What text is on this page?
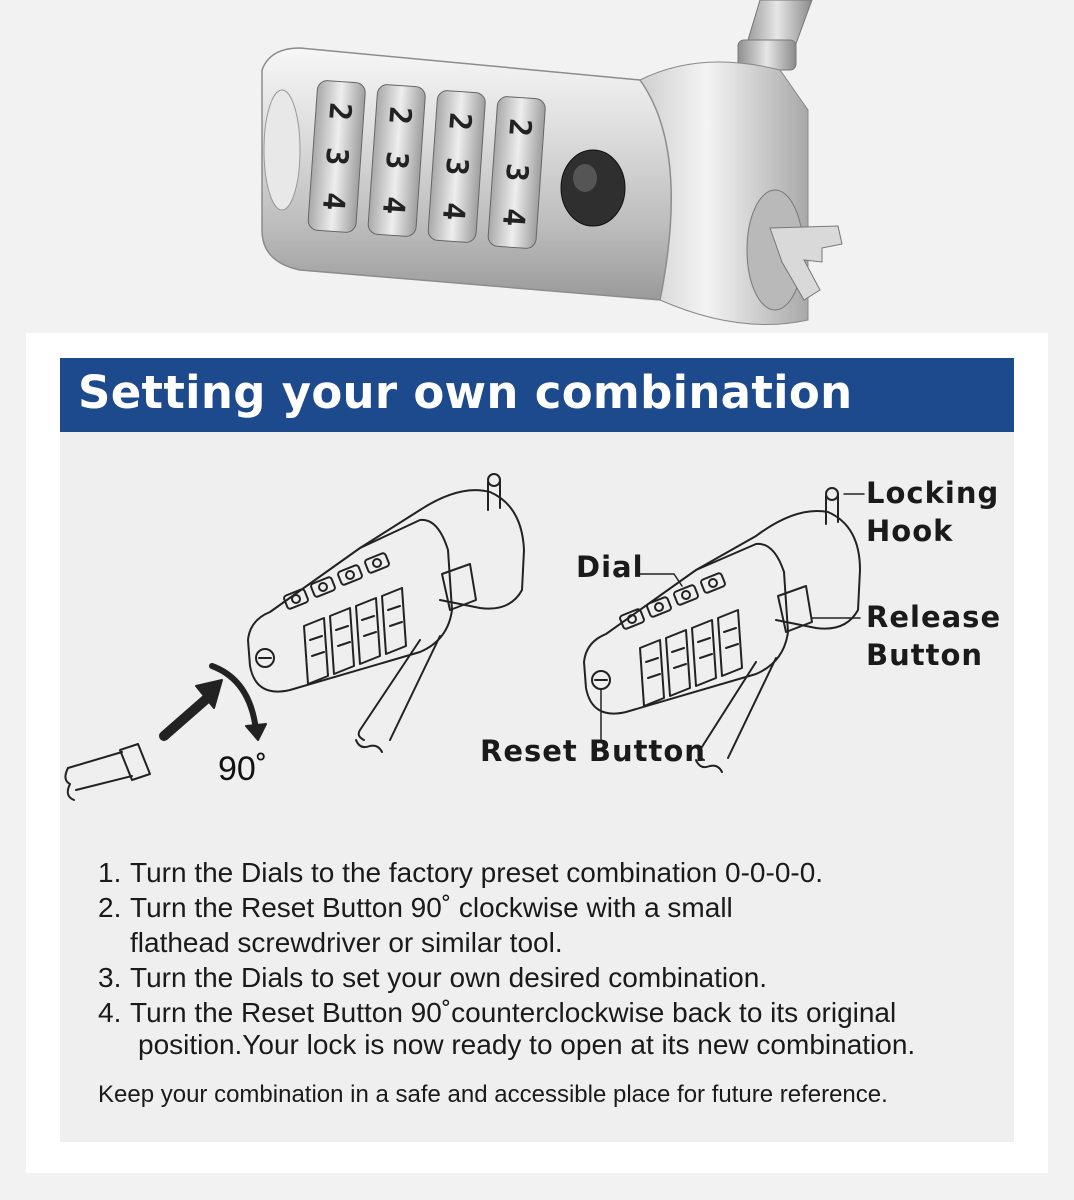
2
3
4
2
3
4
2
3
4
2
3
4
Setting your own combination
90˚
Dial
Locking
Hook
Release
Button
Reset Button
1. Turn the Dials to the factory preset combination 0-0-0-0.
2. Turn the Reset Button 90˚ clockwise with a small
flathead screwdriver or similar tool.
3. Turn the Dials to set your own desired combination.
4. Turn the Reset Button 90˚counterclockwise back to its original
position.Your lock is now ready to open at its new combination.
Keep your combination in a safe and accessible place for future reference.
